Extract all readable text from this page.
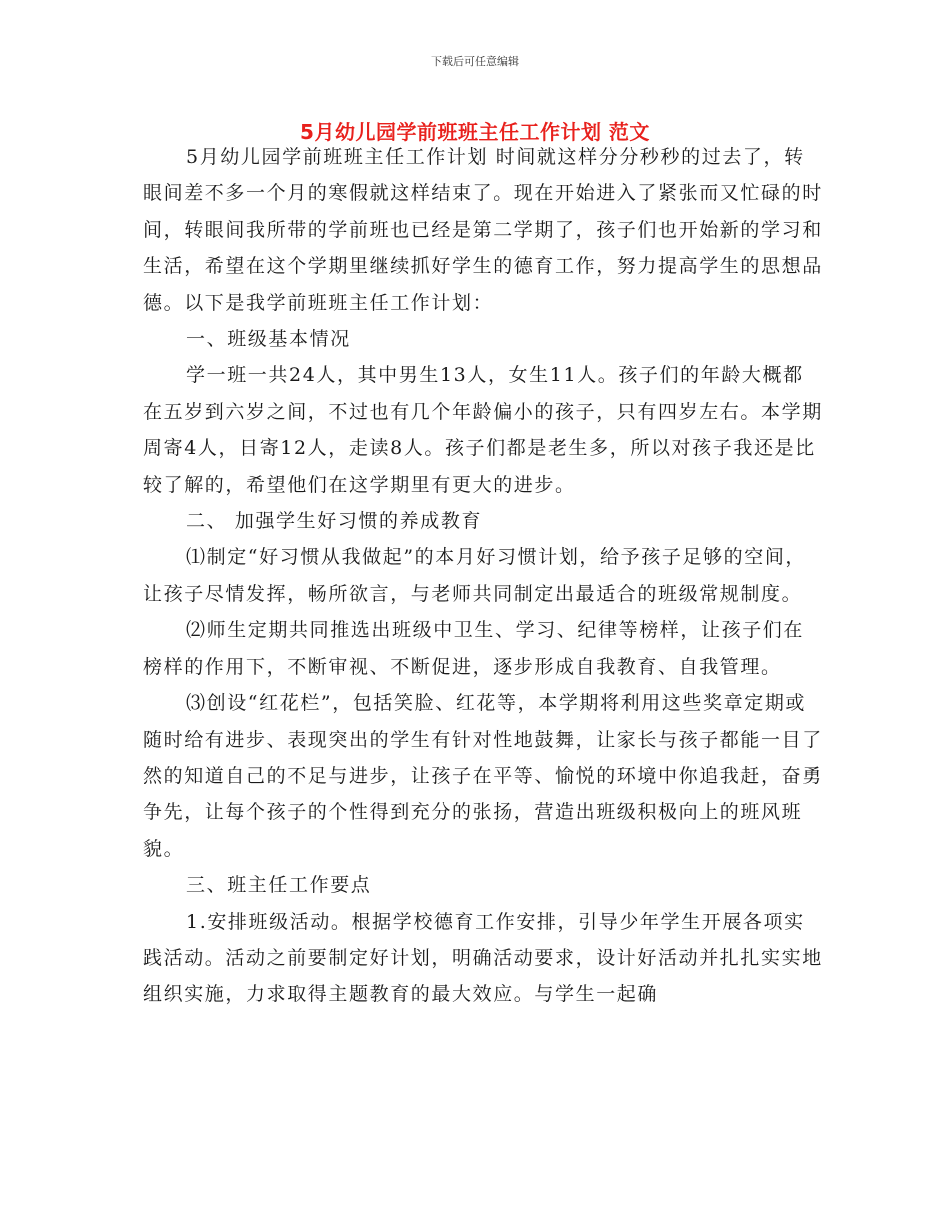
下载后可任意编辑
5月幼儿园学前班班主任工作计划 范文

5月幼儿园学前班班主任工作计划 时间就这样分分秒秒的过去了，转眼间差不多一个月的寒假就这样结束了。现在开始进入了紧张而又忙碌的时间，转眼间我所带的学前班也已经是第二学期了，孩子们也开始新的学习和生活，希望在这个学期里继续抓好学生的德育工作，努力提高学生的思想品德。以下是我学前班班主任工作计划：

一、班级基本情况

学一班一共24人，其中男生13人，女生11人。孩子们的年龄大概都在五岁到六岁之间，不过也有几个年龄偏小的孩子，只有四岁左右。本学期周寄4人，日寄12人，走读8人。孩子们都是老生多，所以对孩子我还是比较了解的，希望他们在这学期里有更大的进步。

二、 加强学生好习惯的养成教育

⑴制定“好习惯从我做起”的本月好习惯计划，给予孩子足够的空间，让孩子尽情发挥，畅所欲言，与老师共同制定出最适合的班级常规制度。

⑵师生定期共同推选出班级中卫生、学习、纪律等榜样，让孩子们在榜样的作用下，不断审视、不断促进，逐步形成自我教育、自我管理。

⑶创设“红花栏”，包括笑脸、红花等，本学期将利用这些奖章定期或随时给有进步、表现突出的学生有针对性地鼓舞，让家长与孩子都能一目了然的知道自己的不足与进步，让孩子在平等、愉悦的环境中你追我赶，奋勇争先，让每个孩子的个性得到充分的张扬，营造出班级积极向上的班风班貌。

三、班主任工作要点

1.安排班级活动。根据学校德育工作安排，引导少年学生开展各项实践活动。活动之前要制定好计划，明确活动要求，设计好活动并扎扎实实地组织实施，力求取得主题教育的最大效应。与学生一起确
